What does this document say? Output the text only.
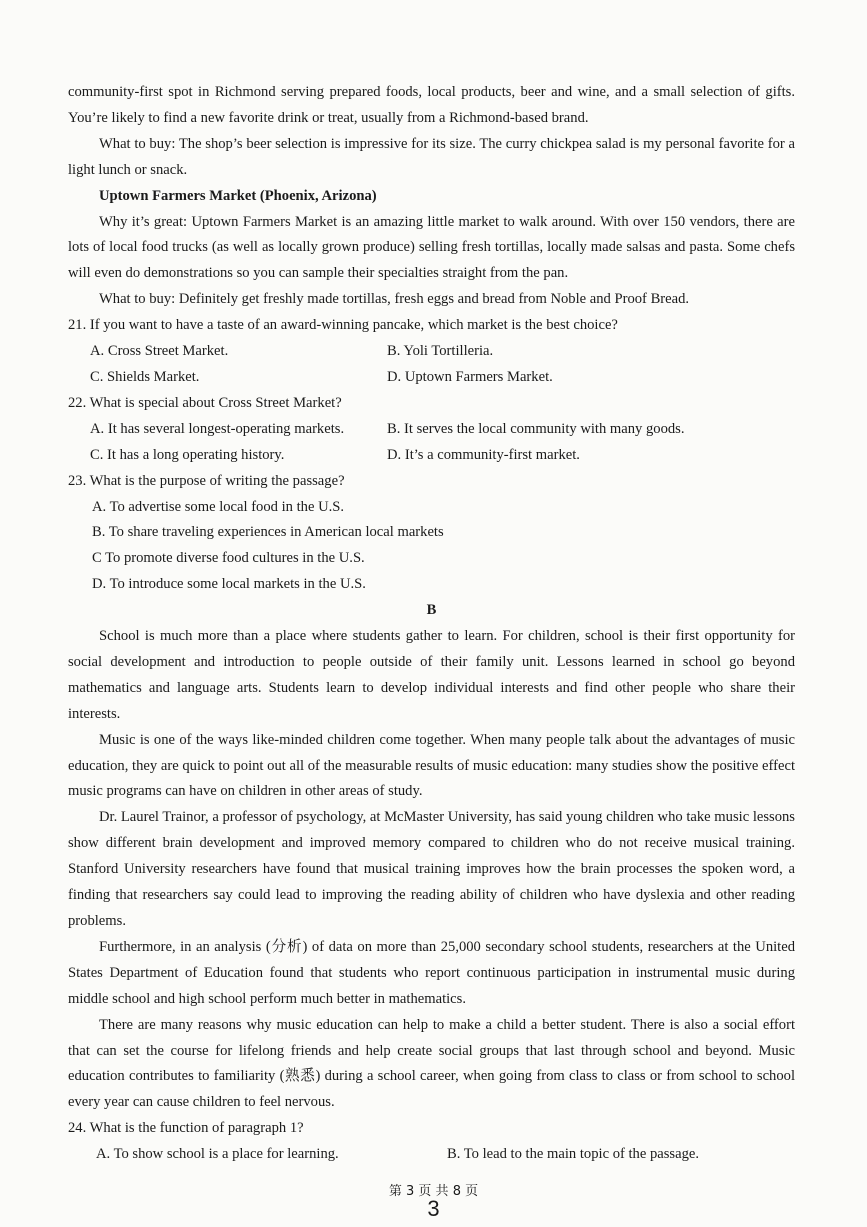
community-first spot in Richmond serving prepared foods, local products, beer and wine, and a small selection of gifts. You’re likely to find a new favorite drink or treat, usually from a Richmond-based brand.

What to buy: The shop’s beer selection is impressive for its size. The curry chickpea salad is my personal favorite for a light lunch or snack.

Uptown Farmers Market (Phoenix, Arizona)

Why it’s great: Uptown Farmers Market is an amazing little market to walk around. With over 150 vendors, there are lots of local food trucks (as well as locally grown produce) selling fresh tortillas, locally made salsas and pasta. Some chefs will even do demonstrations so you can sample their specialties straight from the pan.

What to buy: Definitely get freshly made tortillas, fresh eggs and bread from Noble and Proof Bread.

21. If you want to have a taste of an award-winning pancake, which market is the best choice?
A. Cross Street Market.	B. Yoli Tortilleria.
C. Shields Market.	D. Uptown Farmers Market.
22. What is special about Cross Street Market?
A. It has several longest-operating markets.	B. It serves the local community with many goods.
C. It has a long operating history.	D. It’s a community-first market.
23. What is the purpose of writing the passage?
A. To advertise some local food in the U.S.
B. To share traveling experiences in American local markets
C To promote diverse food cultures in the U.S.
D. To introduce some local markets in the U.S.

B

School is much more than a place where students gather to learn. For children, school is their first opportunity for social development and introduction to people outside of their family unit. Lessons learned in school go beyond mathematics and language arts. Students learn to develop individual interests and find other people who share their interests.

Music is one of the ways like-minded children come together. When many people talk about the advantages of music education, they are quick to point out all of the measurable results of music education: many studies show the positive effect music programs can have on children in other areas of study.

Dr. Laurel Trainor, a professor of psychology, at McMaster University, has said young children who take music lessons show different brain development and improved memory compared to children who do not receive musical training. Stanford University researchers have found that musical training improves how the brain processes the spoken word, a finding that researchers say could lead to improving the reading ability of children who have dyslexia and other reading problems.

Furthermore, in an analysis (分析) of data on more than 25,000 secondary school students, researchers at the United States Department of Education found that students who report continuous participation in instrumental music during middle school and high school perform much better in mathematics.

There are many reasons why music education can help to make a child a better student. There is also a social effort that can set the course for lifelong friends and help create social groups that last through school and beyond. Music education contributes to familiarity (熟悉) during a school career, when going from class to class or from school to school every year can cause children to feel nervous.

24. What is the function of paragraph 1?
A. To show school is a place for learning.	B. To lead to the main topic of the passage.
第 3 页 共 8 页
3
